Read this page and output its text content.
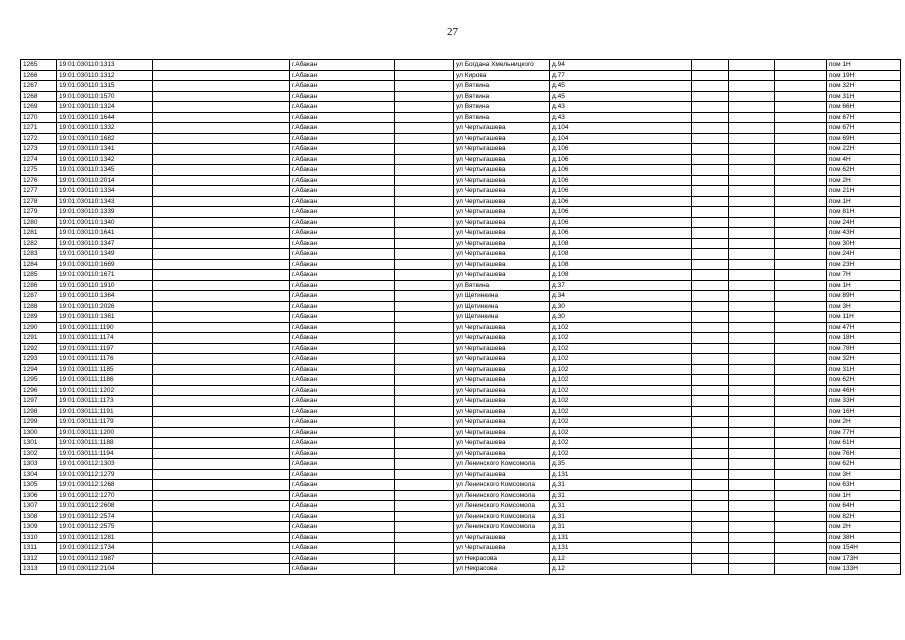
27
1265	19:01:030110:1313		г.Абакан		ул Богдана Хмельницкого	д.94				пом 1Н
1266	19:01:030110:1312		г.Абакан		ул Кирова	д.77				пом 19Н
1267	19:01:030110:1315		г.Абакан		ул Вяткина	д.45				пом 32Н
1268	19:01:030110:1570		г.Абакан		ул Вяткина	д.45				пом 31Н
1269	19:01:030110:1324		г.Абакан		ул Вяткина	д.43				пом 66Н
1270	19:01:030110:1644		г.Абакан		ул Вяткина	д.43				пом 67Н
1271	19:01:030110:1332		г.Абакан		ул Чертыгашева	д.104				пом 67Н
1272	19:01:030110:1682		г.Абакан		ул Чертыгашева	д.104				пом 69Н
1273	19:01:030110:1341		г.Абакан		ул Чертыгашева	д.106				пом 22Н
1274	19:01:030110:1342		г.Абакан		ул Чертыгашева	д.106				пом 4Н
1275	19:01:030110:1345		г.Абакан		ул Чертыгашева	д.106				пом 62Н
1276	19:01:030110:2014		г.Абакан		ул Чертыгашева	д.106				пом 2Н
1277	19:01:030110:1334		г.Абакан		ул Чертыгашева	д.106				пом 21Н
1278	19:01:030110:1343		г.Абакан		ул Чертыгашева	д.106				пом 1Н
1279	19:01:030110:1339		г.Абакан		ул Чертыгашева	д.106				пом 81Н
1280	19:01:030110:1340		г.Абакан		ул Чертыгашева	д.106				пом 24Н
1281	19:01:030110:1641		г.Абакан		ул Чертыгашева	д.106				пом 43Н
1282	19:01:030110:1347		г.Абакан		ул Чертыгашева	д.108				пом 30Н
1283	19:01:030110:1349		г.Абакан		ул Чертыгашева	д.108				пом 24Н
1284	19:01:030110:1669		г.Абакан		ул Чертыгашева	д.108				пом 23Н
1285	19:01:030110:1671		г.Абакан		ул Чертыгашева	д.108				пом 7Н
1286	19:01:030110:1910		г.Абакан		ул Вяткина	д.37				пом 1Н
1287	19:01:030110:1364		г.Абакан		ул Щетинкина	д.34				пом 89Н
1288	19:01:030110:2026		г.Абакан		ул Щетинкина	д.30				пом 3Н
1289	19:01:030110:1361		г.Абакан		ул Щетинкина	д.30				пом 11Н
1290	19:01:030111:1190		г.Абакан		ул Чертыгашева	д.102				пом 47Н
1291	19:01:030111:1174		г.Абакан		ул Чертыгашева	д.102				пом 18Н
1292	19:01:030111:1197		г.Абакан		ул Чертыгашева	д.102				пом 78Н
1293	19:01:030111:1176		г.Абакан		ул Чертыгашева	д.102				пом 32Н
1294	19:01:030111:1185		г.Абакан		ул Чертыгашева	д.102				пом 31Н
1295	19:01:030111:1186		г.Абакан		ул Чертыгашева	д.102				пом 62Н
1296	19:01:030111:1202		г.Абакан		ул Чертыгашева	д.102				пом 46Н
1297	19:01:030111:1173		г.Абакан		ул Чертыгашева	д.102				пом 33Н
1298	19:01:030111:1191		г.Абакан		ул Чертыгашева	д.102				пом 16Н
1299	19:01:030111:1179		г.Абакан		ул Чертыгашева	д.102				пом 2Н
1300	19:01:030111:1200		г.Абакан		ул Чертыгашева	д.102				пом 77Н
1301	19:01:030111:1188		г.Абакан		ул Чертыгашева	д.102				пом 61Н
1302	19:01:030111:1194		г.Абакан		ул Чертыгашева	д.102				пом 76Н
1303	19:01:030112:1303		г.Абакан		ул Ленинского Комсомола	д.35				пом 62Н
1304	19:01:030112:1279		г.Абакан		ул Чертыгашева	д.131				пом 3Н
1305	19:01:030112:1268		г.Абакан		ул Ленинского Комсомола	д.31				пом 63Н
1306	19:01:030112:1270		г.Абакан		ул Ленинского Комсомола	д.31				пом 1Н
1307	19:01:030112:2608		г.Абакан		ул Ленинского Комсомола	д.31				пом 64Н
1308	19:01:030112:2574		г.Абакан		ул Ленинского Комсомола	д.31				пом 82Н
1309	19:01:030112:2575		г.Абакан		ул Ленинского Комсомола	д.31				пом 2Н
1310	19:01:030112:1281		г.Абакан		ул Чертыгашева	д.131				пом 38Н
1311	19:01:030112:1734		г.Абакан		ул Чертыгашева	д.131				пом 154Н
1312	19:01:030112:1987		г.Абакан		ул Некрасова	д.12				пом 173Н
1313	19:01:030112:2104		г.Абакан		ул Некрасова	д.12				пом 133Н
